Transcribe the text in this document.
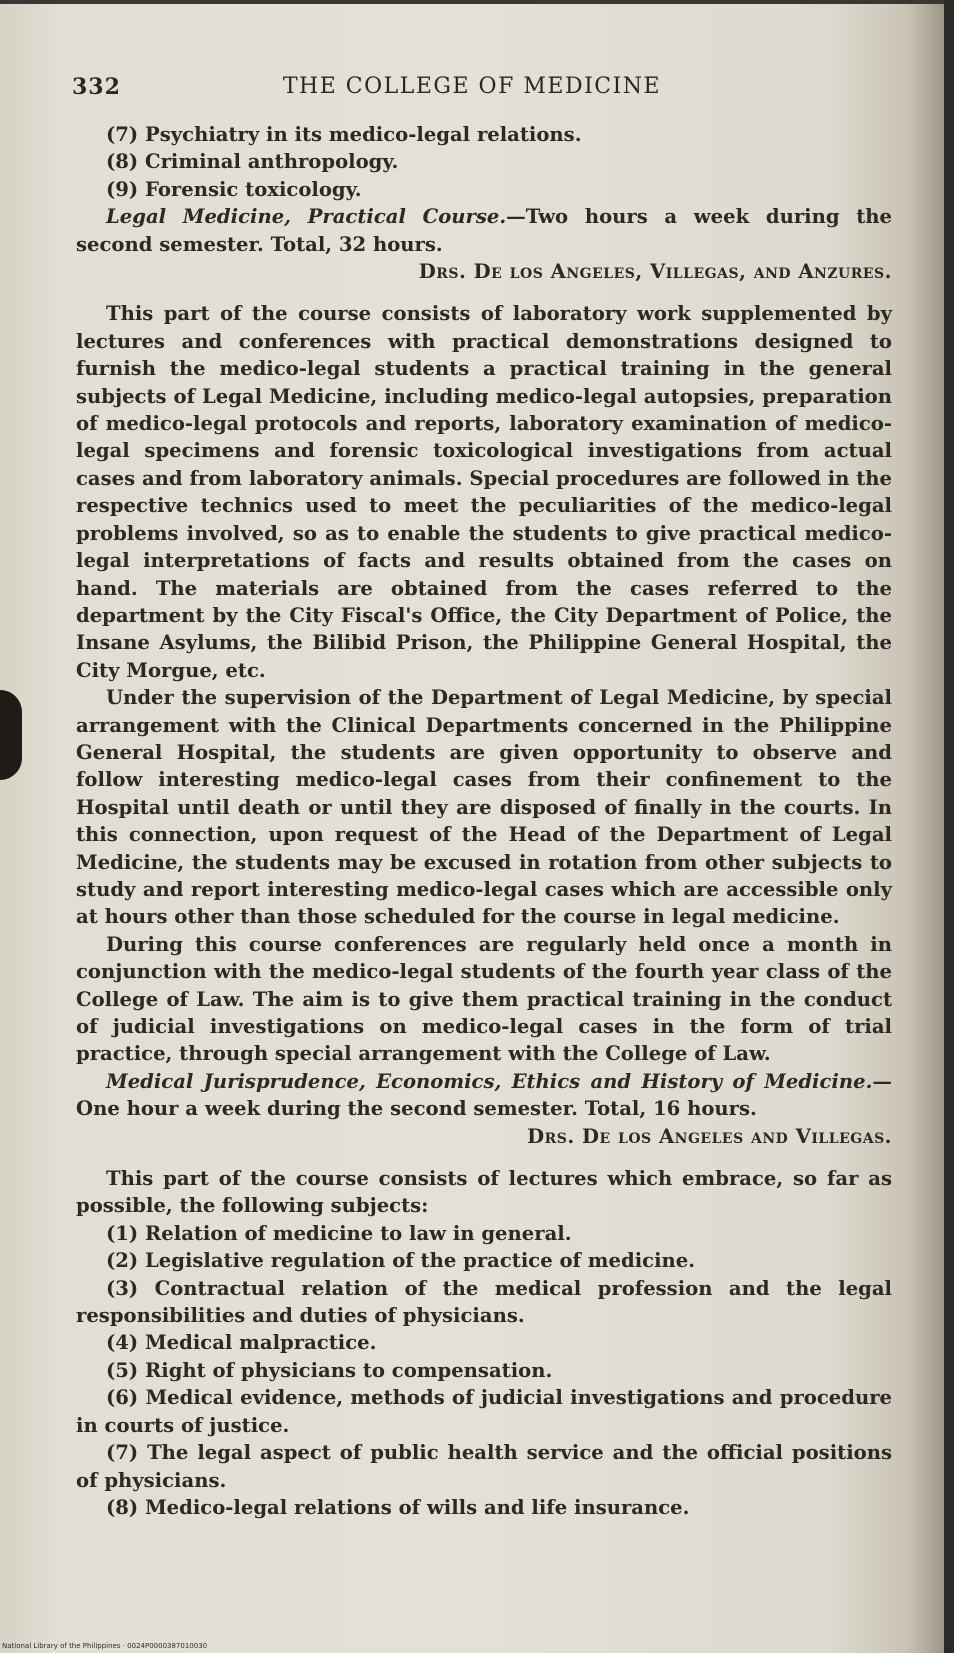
THE COLLEGE OF MEDICINE
332

(7) Psychiatry in its medico-legal relations.

(8) Criminal anthropology.

(9) Forensic toxicology.

Legal Medicine, Practical Course.—Two hours a week during the second semester. Total, 32 hours.

Drs. De los Angeles, Villegas, and Anzures.

This part of the course consists of laboratory work supplemented by lectures and conferences with practical demonstrations designed to furnish the medico-legal students a practical training in the general subjects of Legal Medicine, including medico-legal autopsies, preparation of medico-legal protocols and reports, laboratory examination of medico-legal specimens and forensic toxicological investigations from actual cases and from laboratory animals. Special procedures are followed in the respective technics used to meet the peculiarities of the medico-legal problems involved, so as to enable the students to give practical medico-legal interpretations of facts and results obtained from the cases on hand. The materials are obtained from the cases referred to the department by the City Fiscal's Office, the City Department of Police, the Insane Asylums, the Bilibid Prison, the Philippine General Hospital, the City Morgue, etc.

Under the supervision of the Department of Legal Medicine, by special arrangement with the Clinical Departments concerned in the Philippine General Hospital, the students are given opportunity to observe and follow interesting medico-legal cases from their confinement to the Hospital until death or until they are disposed of finally in the courts. In this connection, upon request of the Head of the Department of Legal Medicine, the students may be excused in rotation from other subjects to study and report interesting medico-legal cases which are accessible only at hours other than those scheduled for the course in legal medicine.

During this course conferences are regularly held once a month in conjunction with the medico-legal students of the fourth year class of the College of Law. The aim is to give them practical training in the conduct of judicial investigations on medico-legal cases in the form of trial practice, through special arrangement with the College of Law.

Medical Jurisprudence, Economics, Ethics and History of Medicine.— One hour a week during the second semester. Total, 16 hours.

Drs. De los Angeles and Villegas.

This part of the course consists of lectures which embrace, so far as possible, the following subjects:

(1) Relation of medicine to law in general.

(2) Legislative regulation of the practice of medicine.

(3) Contractual relation of the medical profession and the legal responsibilities and duties of physicians.

(4) Medical malpractice.

(5) Right of physicians to compensation.

(6) Medical evidence, methods of judicial investigations and procedure in courts of justice.

(7) The legal aspect of public health service and the official positions of physicians.

(8) Medico-legal relations of wills and life insurance.

National Library of the Philippines · 0024P0000387010030
